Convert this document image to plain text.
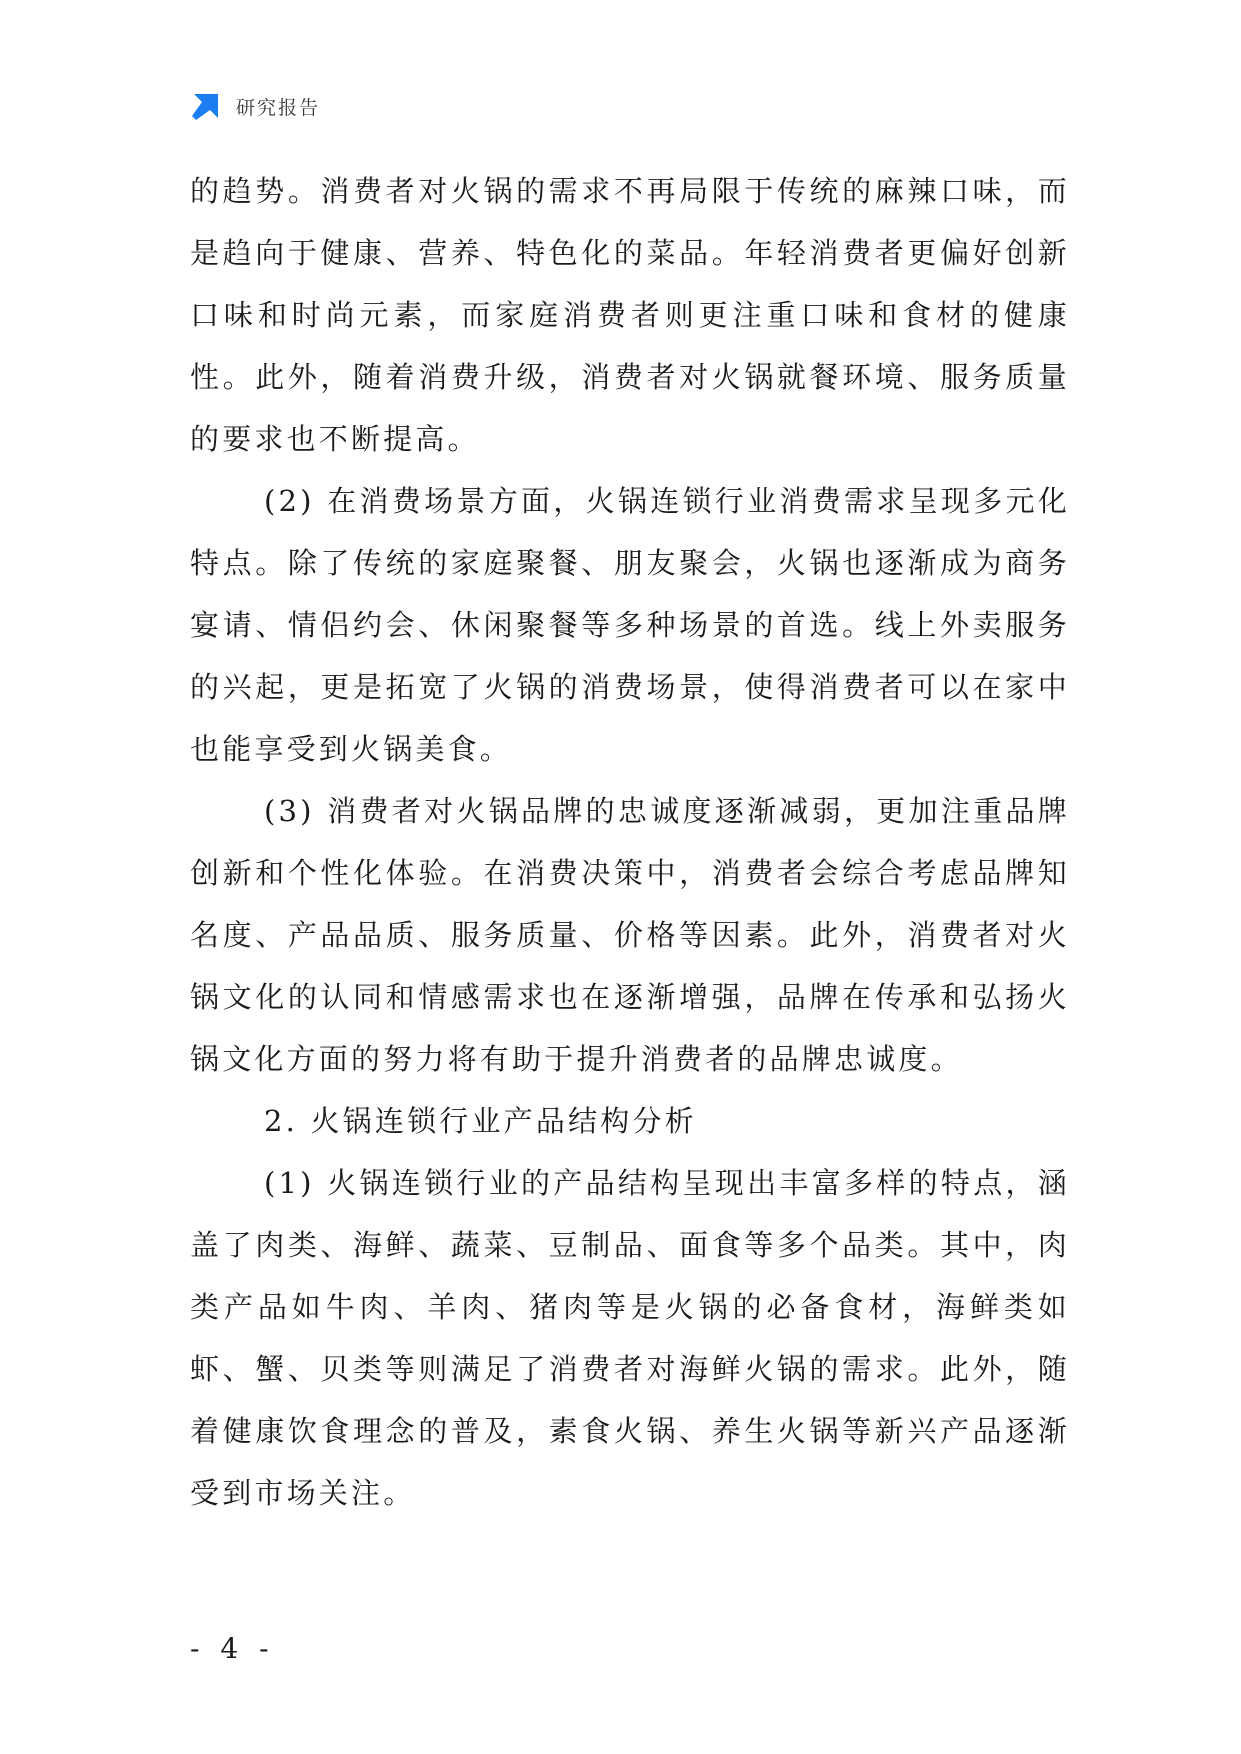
研究报告

的趋势。消费者对火锅的需求不再局限于传统的麻辣口味，而是趋向于健康、营养、特色化的菜品。年轻消费者更偏好创新口味和时尚元素，而家庭消费者则更注重口味和食材的健康性。此外，随着消费升级，消费者对火锅就餐环境、服务质量的要求也不断提高。

(2) 在消费场景方面，火锅连锁行业消费需求呈现多元化特点。除了传统的家庭聚餐、朋友聚会，火锅也逐渐成为商务宴请、情侣约会、休闲聚餐等多种场景的首选。线上外卖服务的兴起，更是拓宽了火锅的消费场景，使得消费者可以在家中也能享受到火锅美食。

(3) 消费者对火锅品牌的忠诚度逐渐减弱，更加注重品牌创新和个性化体验。在消费决策中，消费者会综合考虑品牌知名度、产品品质、服务质量、价格等因素。此外，消费者对火锅文化的认同和情感需求也在逐渐增强，品牌在传承和弘扬火锅文化方面的努力将有助于提升消费者的品牌忠诚度。

2. 火锅连锁行业产品结构分析

(1) 火锅连锁行业的产品结构呈现出丰富多样的特点，涵盖了肉类、海鲜、蔬菜、豆制品、面食等多个品类。其中，肉类产品如牛肉、羊肉、猪肉等是火锅的必备食材，海鲜类如虾、蟹、贝类等则满足了消费者对海鲜火锅的需求。此外，随着健康饮食理念的普及，素食火锅、养生火锅等新兴产品逐渐受到市场关注。

- 4 -
